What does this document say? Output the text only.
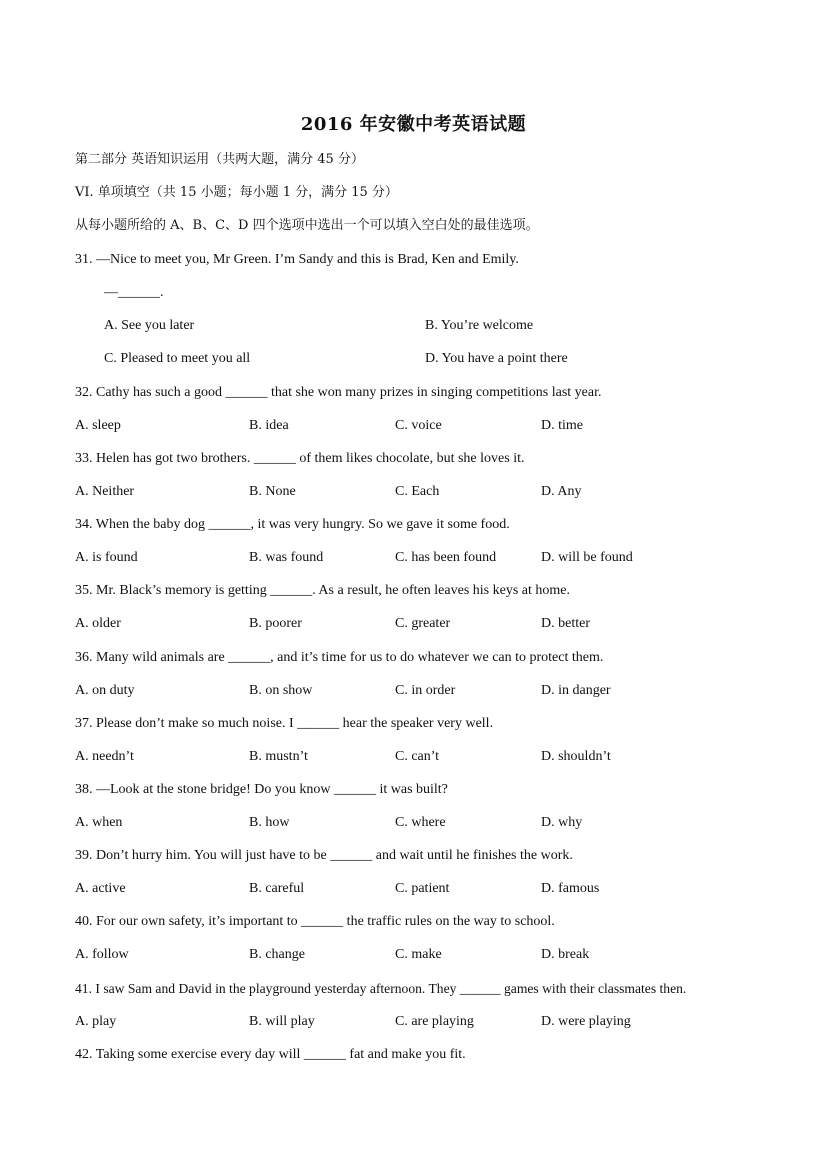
2016 年安徽中考英语试题
第二部分 英语知识运用（共两大题，满分 45 分）
VI. 单项填空（共 15 小题；每小题 1 分，满分 15 分）
从每小题所给的 A、B、C、D 四个选项中选出一个可以填入空白处的最佳选项。
31. —Nice to meet you, Mr Green. I’m Sandy and this is Brad, Ken and Emily.
—______.
A. See you later	B. You’re welcome
C. Pleased to meet you all	D. You have a point there
32. Cathy has such a good ______ that she won many prizes in singing competitions last year.
A. sleep	B. idea	C. voice	D. time
33. Helen has got two brothers. ______ of them likes chocolate, but she loves it.
A. Neither	B. None	C. Each	D. Any
34. When the baby dog ______, it was very hungry. So we gave it some food.
A. is found	B. was found	C. has been found	D. will be found
35. Mr. Black’s memory is getting ______. As a result, he often leaves his keys at home.
A. older	B. poorer	C. greater	D. better
36. Many wild animals are ______, and it’s time for us to do whatever we can to protect them.
A. on duty	B. on show	C. in order	D. in danger
37. Please don’t make so much noise. I ______ hear the speaker very well.
A. needn’t	B. mustn’t	C. can’t	D. shouldn’t
38. —Look at the stone bridge! Do you know ______ it was built?
A. when	B. how	C. where	D. why
39. Don’t hurry him. You will just have to be ______ and wait until he finishes the work.
A. active	B. careful	C. patient	D. famous
40. For our own safety, it’s important to ______ the traffic rules on the way to school.
A. follow	B. change	C. make	D. break
41. I saw Sam and David in the playground yesterday afternoon. They ______ games with their classmates then.
A. play	B. will play	C. are playing	D. were playing
42. Taking some exercise every day will ______ fat and make you fit.
